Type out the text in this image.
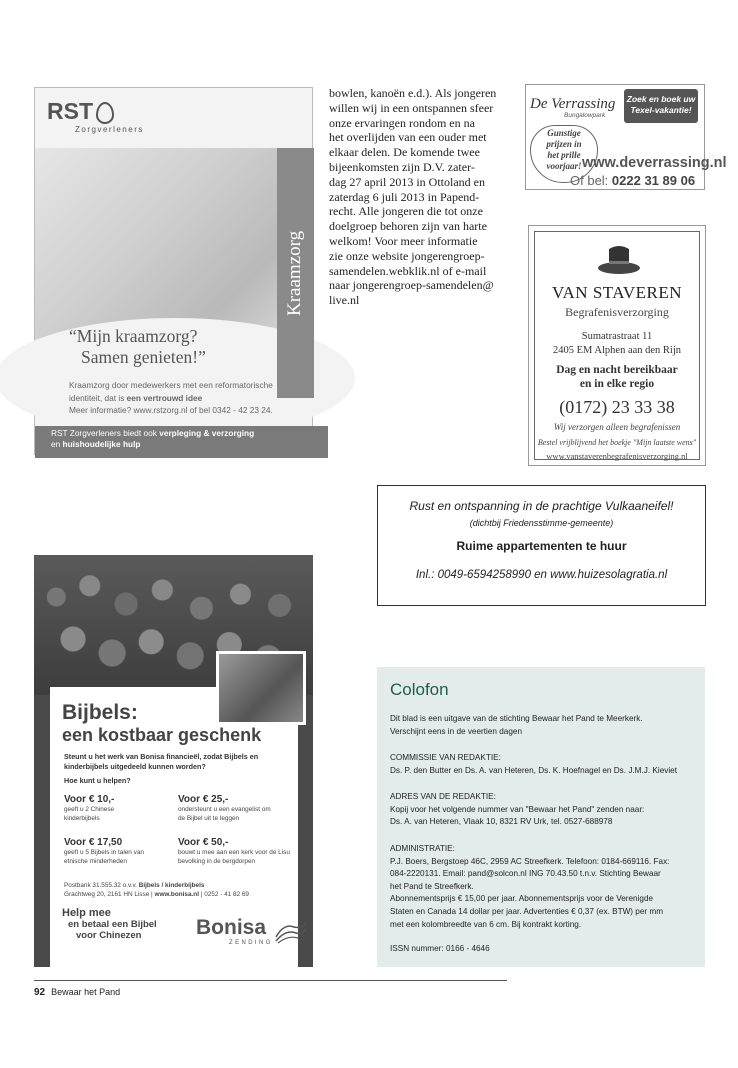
Kraamzorg
RST
Zorgverleners
“Mijn kraamzorg?
Samen genieten!”
Kraamzorg door medewerkers met een reformatorische
identiteit, dat is een vertrouwd idee
Meer informatie? www.rstzorg.nl of bel 0342 - 42 23 24.
RST Zorgverleners biedt ook verpleging & verzorging
en huishoudelijke hulp
bowlen, kanoën e.d.). Als jongeren
willen wij in een ontspannen sfeer
onze ervaringen rondom en na
het overlijden van een ouder met
elkaar delen. De komende twee
bijeenkomsten zijn D.V. zater-
dag 27 april 2013 in Ottoland en
zaterdag 6 juli 2013 in Papend-
recht. Alle jongeren die tot onze
doelgroep behoren zijn van harte
welkom! Voor meer informatie
zie onze website jongerengroep-
samendelen.webklik.nl of e-mail
naar jongerengroep-samendelen@
live.nl
De Verrassing
Bungalowpark
Zoek en boek uw
Texel-vakantie!
Gunstige
prijzen in
het prille
voorjaar! www.deverrassing.nl
Of bel: 0222 31 89 06
VAN STAVEREN
Begrafenisverzorging
Sumatrastraat 11
2405 EM Alphen aan den Rijn
Dag en nacht bereikbaar
en in elke regio
(0172) 23 33 38
Wij verzorgen alleen begrafenissen
Bestel vrijblijvend het boekje "Mijn laatste wens"
www.vanstaverenbegrafenisverzorging.nl
Rust en ontspanning in de prachtige Vulkaaneifel!
(dichtbij Friedensstimme-gemeente)
Ruime appartementen te huur
Inl.: 0049-6594258990 en www.huizesolagratia.nl
Bijbels:
een kostbaar geschenk
Steunt u het werk van Bonisa financieël, zodat Bijbels en kinderbijbels uitgedeeld kunnen worden?
Hoe kunt u helpen?
Voor € 10,-
geeft u 2 Chinese kinderbijbels
Voor € 25,-
ondersteunt u een evangelist om de Bijbel uit te leggen
Voor € 17,50
geeft u 5 Bijbels in talen van etnische minderheden
Voor € 50,-
bouwt u mee aan een kerk voor de Lisu bevolking in de bergdorpen
Postbank 31.555.32 o.v.v. Bijbels / kinderbijbels
Grachtweg 20, 2161 HN Lisse | www.bonisa.nl | 0252 - 41 82 69
Help mee
en betaal een Bijbel
voor Chinezen	Bonisa
ZENDING
Colofon
Dit blad is een uitgave van de stichting Bewaar het Pand te Meerkerk.
Verschijnt eens in de veertien dagen
COMMISSIE VAN REDAKTIE:
Ds. P. den Butter en Ds. A. van Heteren, Ds. K. Hoefnagel en Ds. J.M.J. Kieviet
ADRES VAN DE REDAKTIE:
Kopij voor het volgende nummer van "Bewaar het Pand" zenden naar:
Ds. A. van Heteren, Vlaak 10, 8321 RV Urk, tel. 0527-688978
ADMINISTRATIE:
P.J. Boers, Bergstoep 46C, 2959 AC Streefkerk. Telefoon: 0184-669116. Fax:
084-2220131. Email: pand@solcon.nl ING 70.43.50 t.n.v. Stichting Bewaar
het Pand te Streefkerk.
Abonnementsprijs € 15,00 per jaar. Abonnementsprijs voor de Verenigde
Staten en Canada 14 dollar per jaar. Advertenties € 0,37 (ex. BTW) per mm
met een kolombreedte van 6 cm. Bij kontrakt korting.
ISSN nummer: 0166 - 4646
92 Bewaar het Pand
